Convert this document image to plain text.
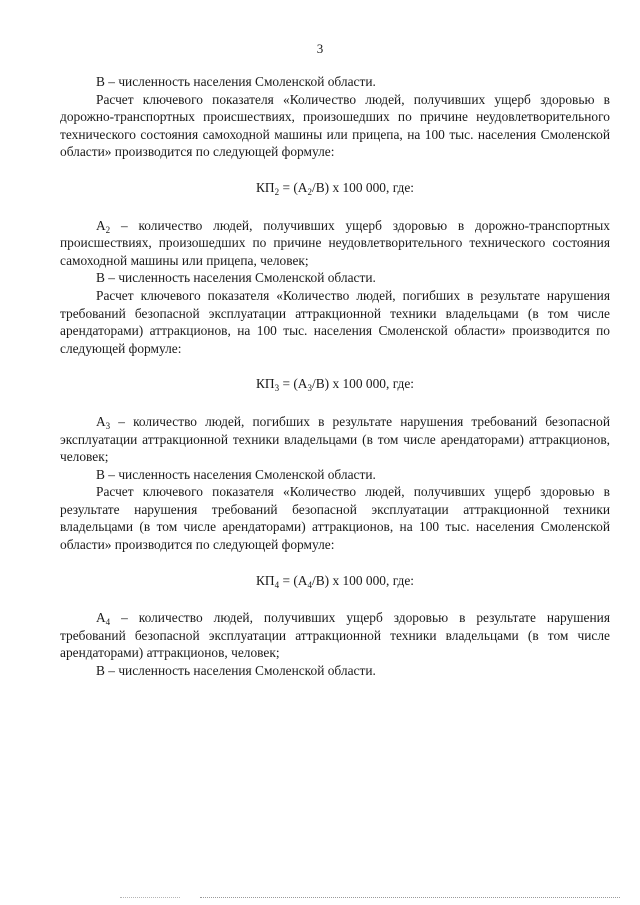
3

В – численность населения Смоленской области.

Расчет ключевого показателя «Количество людей, получивших ущерб здоровью в дорожно-транспортных происшествиях, произошедших по причине неудовлетворительного технического состояния самоходной машины или прицепа, на 100 тыс. населения Смоленской области» производится по следующей формуле:

$КП_2 = (А_2/В)$ х 100 000, где:

$А_2$ – количество людей, получивших ущерб здоровью в дорожно-транспортных происшествиях, произошедших по причине неудовлетворительного технического состояния самоходной машины или прицепа, человек;

В – численность населения Смоленской области.

Расчет ключевого показателя «Количество людей, погибших в результате нарушения требований безопасной эксплуатации аттракционной техники владельцами (в том числе арендаторами) аттракционов, на 100 тыс. населения Смоленской области» производится по следующей формуле:

$КП_3 = (А_3/В)$ х 100 000, где:

$А_3$ – количество людей, погибших в результате нарушения требований безопасной эксплуатации аттракционной техники владельцами (в том числе арендаторами) аттракционов, человек;

В – численность населения Смоленской области.

Расчет ключевого показателя «Количество людей, получивших ущерб здоровью в результате нарушения требований безопасной эксплуатации аттракционной техники владельцами (в том числе арендаторами) аттракционов, на 100 тыс. населения Смоленской области» производится по следующей формуле:

$КП_4 = (А_4/В)$ х 100 000, где:

$А_4$ – количество людей, получивших ущерб здоровью в результате нарушения требований безопасной эксплуатации аттракционной техники владельцами (в том числе арендаторами) аттракционов, человек;

В – численность населения Смоленской области.
